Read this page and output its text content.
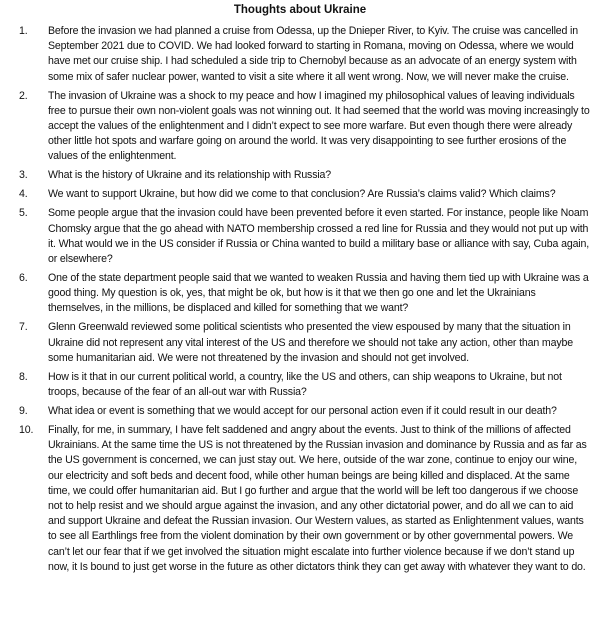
Thoughts about Ukraine
1.	Before the invasion we had planned a cruise from Odessa, up the Dnieper River, to Kyiv. The cruise was cancelled in September 2021 due to COVID. We had looked forward to starting in Romana, moving on Odessa, where we would have met our cruise ship. I had scheduled a side trip to Chernobyl because as an advocate of an energy system with some mix of safer nuclear power, wanted to visit a site where it all went wrong. Now, we will never make the cruise.
2.	The invasion of Ukraine was a shock to my peace and how I imagined my philosophical values of leaving individuals free to pursue their own non-violent goals was not winning out. It had seemed that the world was moving increasingly to accept the values of the enlightenment and I didn’t expect to see more warfare. But even though there were already other little hot spots and warfare going on around the world. It was very disappointing to see further erosions of the values of the enlightenment.
3.	What is the history of Ukraine and its relationship with Russia?
4.	We want to support Ukraine, but how did we come to that conclusion? Are Russia’s claims valid? Which claims?
5.	Some people argue that the invasion could have been prevented before it even started. For instance, people like Noam Chomsky argue that the go ahead with NATO membership crossed a red line for Russia and they would not put up with it. What would we in the US consider if Russia or China wanted to build a military base or alliance with say, Cuba again, or elsewhere?
6.	One of the state department people said that we wanted to weaken Russia and having them tied up with Ukraine was a good thing. My question is ok, yes, that might be ok, but how is it that we then go one and let the Ukrainians themselves, in the millions, be displaced and killed for something that we want?
7.	Glenn Greenwald reviewed some political scientists who presented the view espoused by many that the situation in Ukraine did not represent any vital interest of the US and therefore we should not take any action, other than maybe some humanitarian aid. We were not threatened by the invasion and should not get involved.
8.	How is it that in our current political world, a country, like the US and others, can ship weapons to Ukraine, but not troops, because of the fear of an all-out war with Russia?
9.	What idea or event is something that we would accept for our personal action even if it could result in our death?
10.	Finally, for me, in summary, I have felt saddened and angry about the events. Just to think of the millions of affected Ukrainians. At the same time the US is not threatened by the Russian invasion and dominance by Russia and as far as the US government is concerned, we can just stay out. We here, outside of the war zone, continue to enjoy our wine, our electricity and soft beds and decent food, while other human beings are being killed and displaced. At the same time, we could offer humanitarian aid. But I go further and argue that the world will be left too dangerous if we choose not to help resist and we should argue against the invasion, and any other dictatorial power, and do all we can to aid and support Ukraine and defeat the Russian invasion. Our Western values, as started as Enlightenment values, wants to see all Earthlings free from the violent domination by their own government or by other governmental powers. We can’t let our fear that if we get involved the situation might escalate into further violence because if we don’t stand up now, it Is bound to just get worse in the future as other dictators think they can get away with whatever they want to do.
